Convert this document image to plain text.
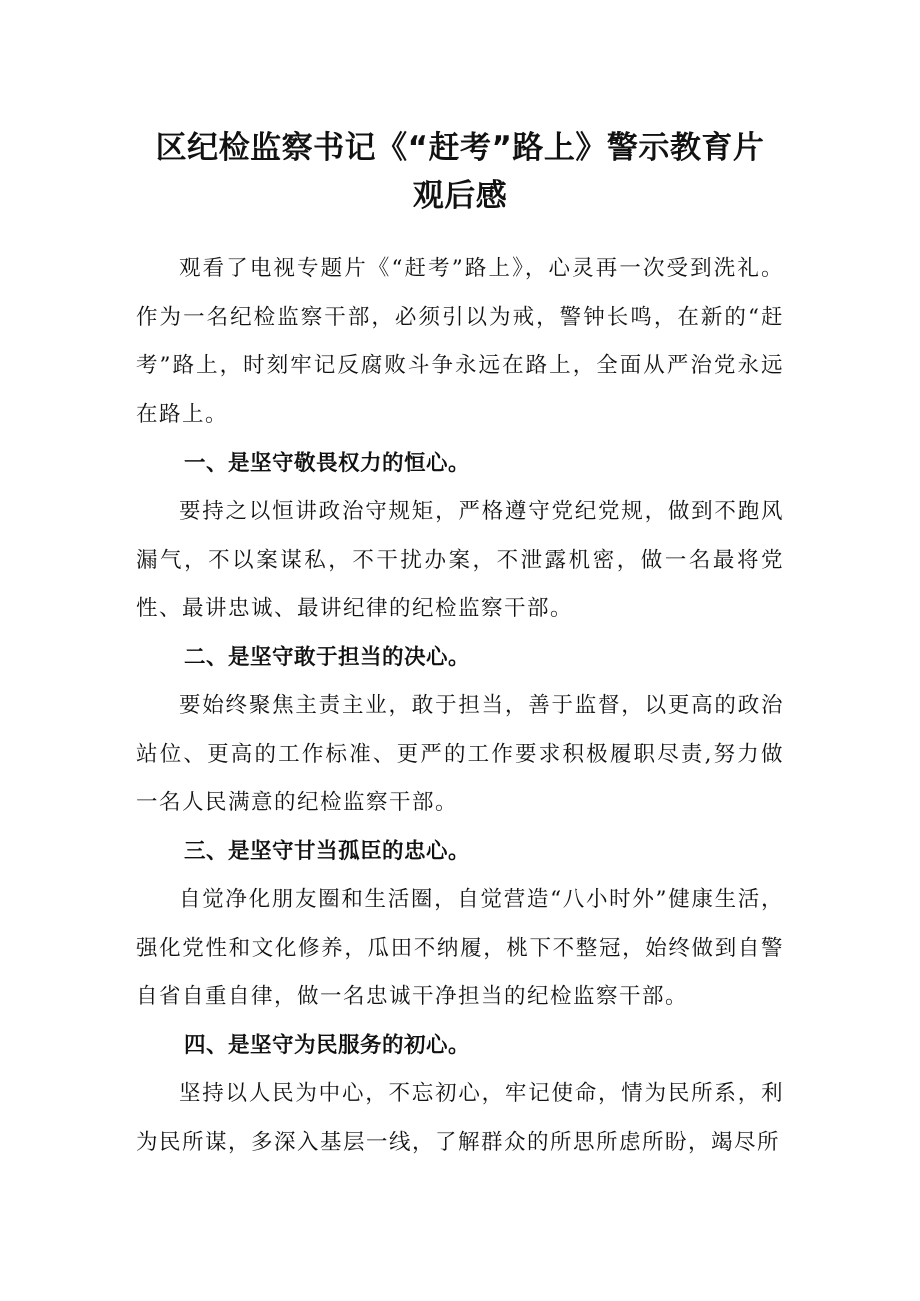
区纪检监察书记《“赶考”路上》警示教育片
观后感

观看了电视专题片《“赶考”路上》，心灵再一次受到洗礼。作为一名纪检监察干部，必须引以为戒，警钟长鸣，在新的“赶考”路上，时刻牢记反腐败斗争永远在路上，全面从严治党永远在路上。

一、是坚守敬畏权力的恒心。

要持之以恒讲政治守规矩，严格遵守党纪党规，做到不跑风漏气，不以案谋私，不干扰办案，不泄露机密，做一名最将党性、最讲忠诚、最讲纪律的纪检监察干部。

二、是坚守敢于担当的决心。

要始终聚焦主责主业，敢于担当，善于监督，以更高的政治站位、更高的工作标准、更严的工作要求积极履职尽责,努力做一名人民满意的纪检监察干部。

三、是坚守甘当孤臣的忠心。

自觉净化朋友圈和生活圈，自觉营造“八小时外”健康生活，强化党性和文化修养，瓜田不纳履，桃下不整冠，始终做到自警自省自重自律，做一名忠诚干净担当的纪检监察干部。

四、是坚守为民服务的初心。

坚持以人民为中心，不忘初心，牢记使命，情为民所系，利为民所谋，多深入基层一线，了解群众的所思所虑所盼，竭尽所
